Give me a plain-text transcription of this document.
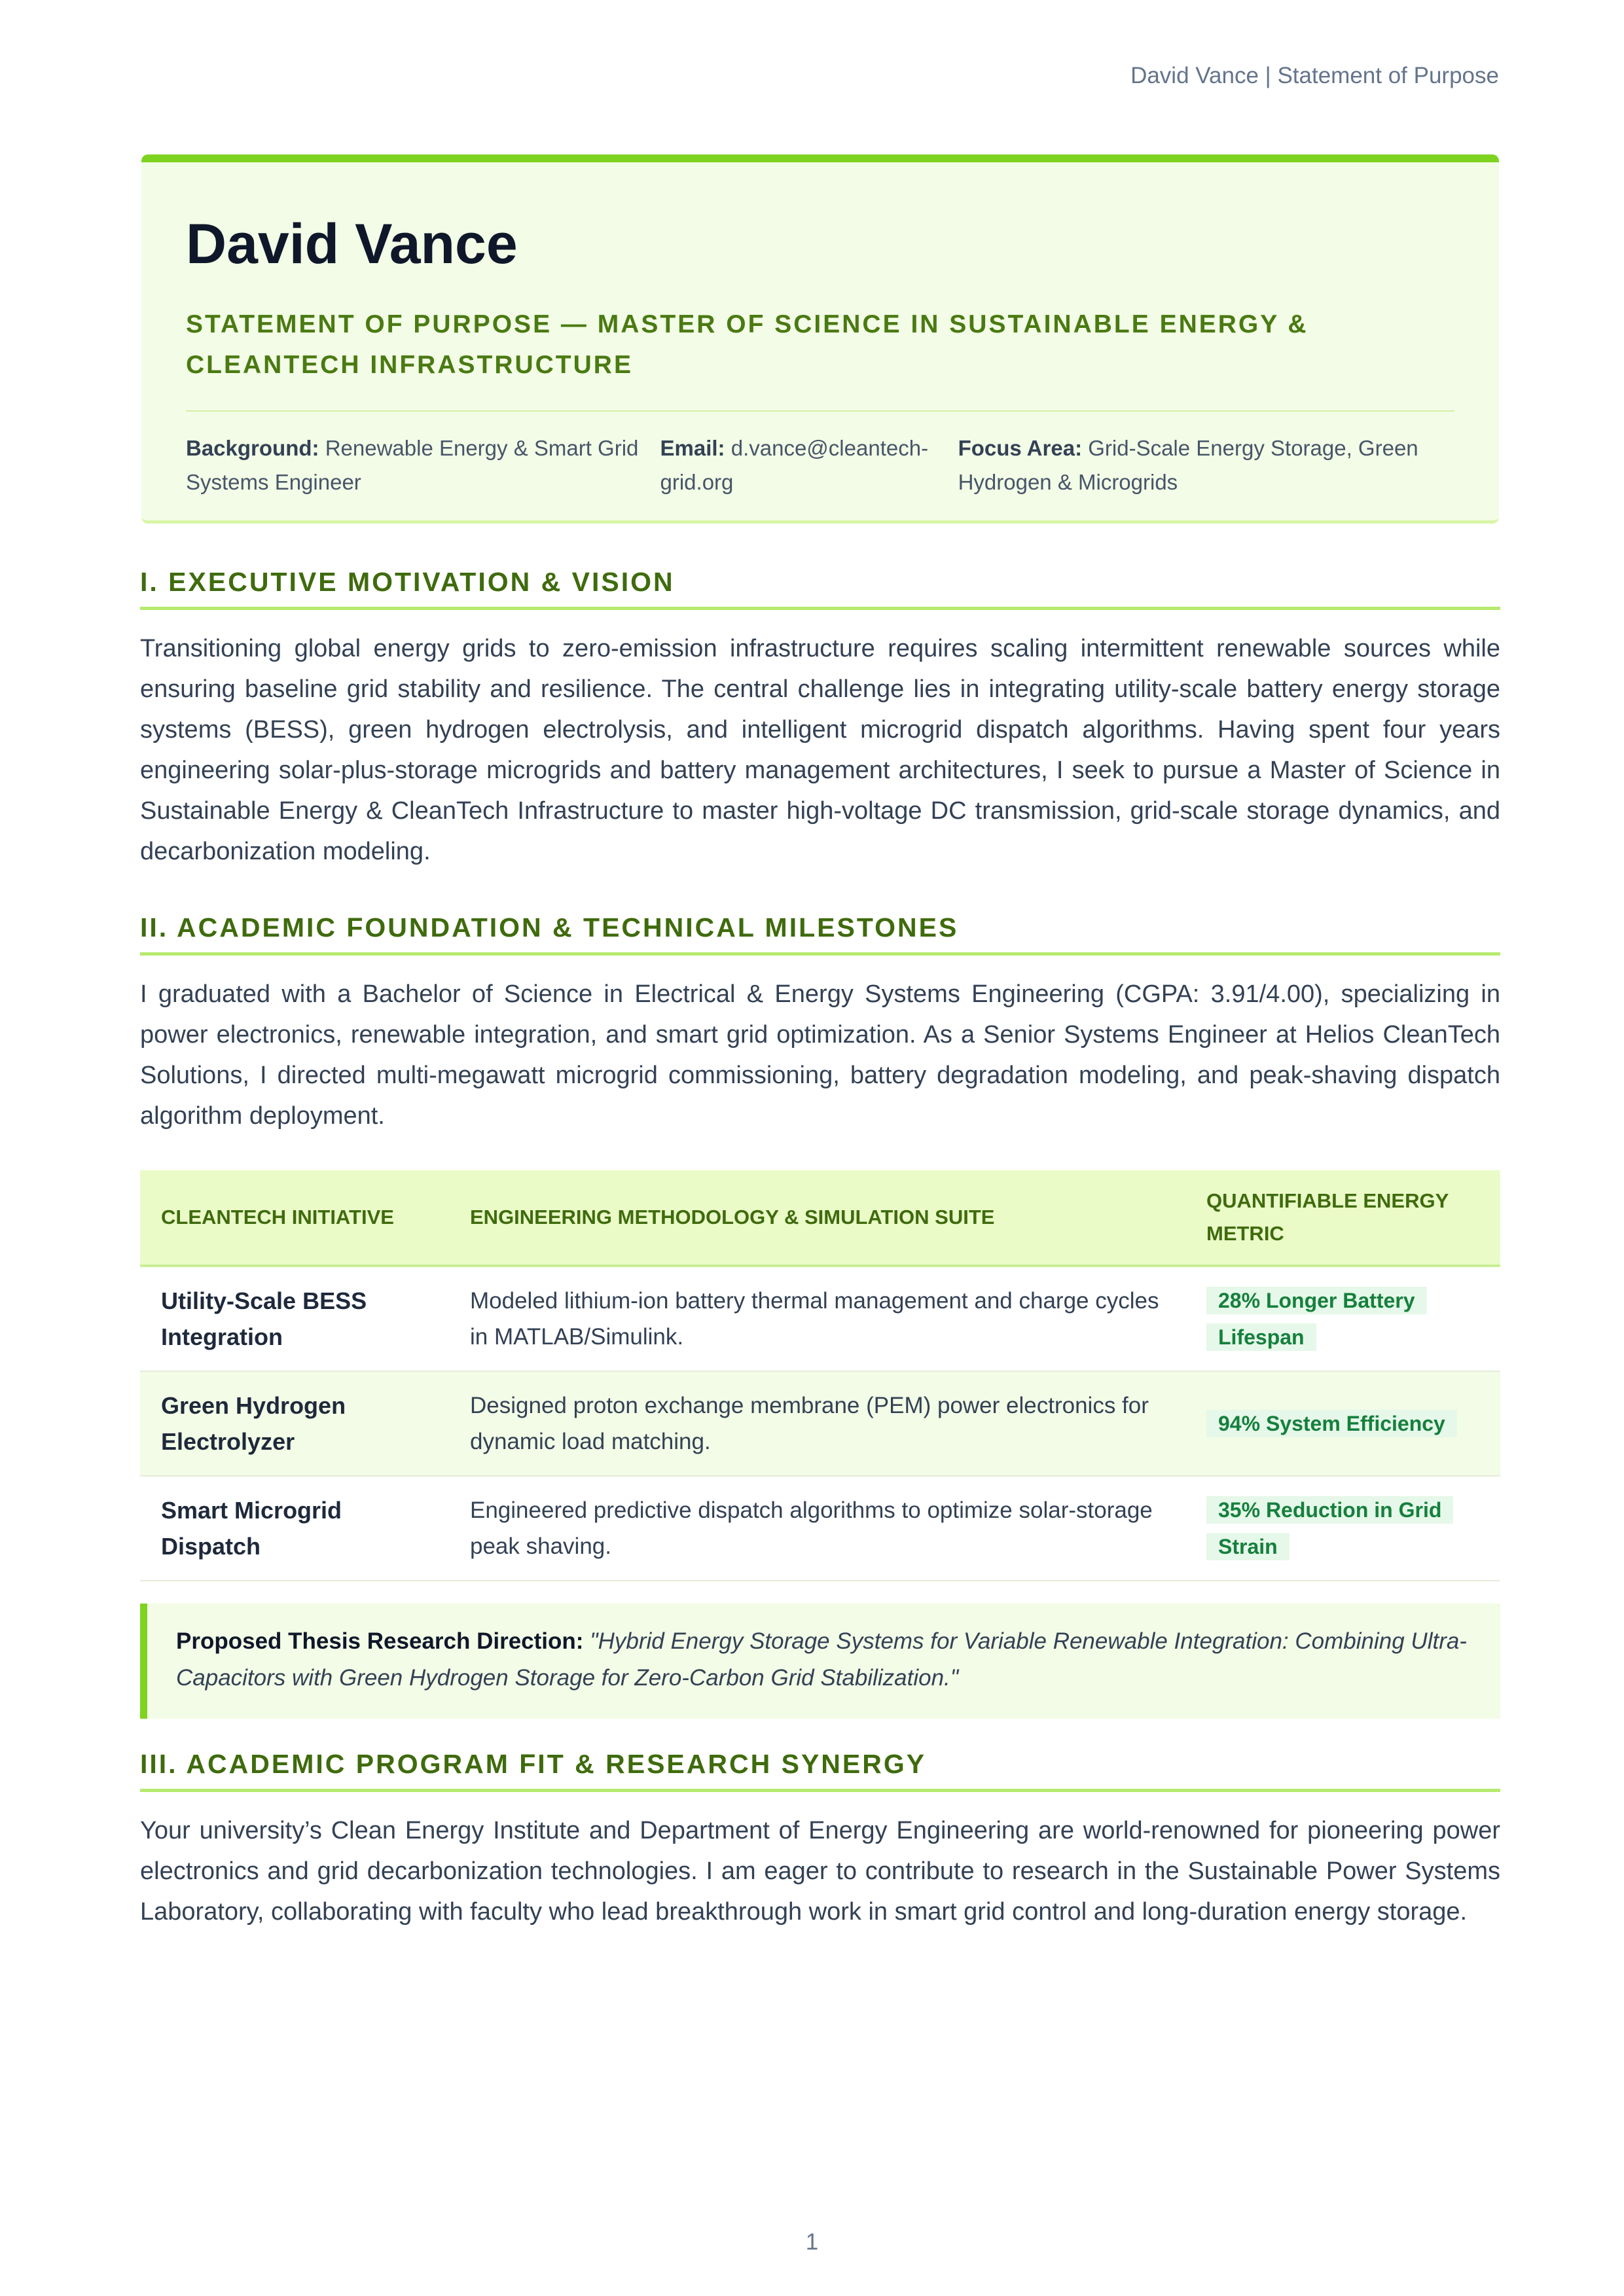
David Vance | Statement of Purpose
David Vance
STATEMENT OF PURPOSE — MASTER OF SCIENCE IN SUSTAINABLE ENERGY & CLEANTECH INFRASTRUCTURE
Background: Renewable Energy & Smart Grid Systems Engineer
Email: d.vance@cleantech-grid.org
Focus Area: Grid-Scale Energy Storage, Green Hydrogen & Microgrids
I. EXECUTIVE MOTIVATION & VISION

Transitioning global energy grids to zero-emission infrastructure requires scaling intermittent renewable sources while ensuring baseline grid stability and resilience. The central challenge lies in integrating utility-scale battery energy storage systems (BESS), green hydrogen electrolysis, and intelligent microgrid dispatch algorithms. Having spent four years engineering solar-plus-storage microgrids and battery management architectures, I seek to pursue a Master of Science in Sustainable Energy & CleanTech Infrastructure to master high-voltage DC transmission, grid-scale storage dynamics, and decarbonization modeling.

II. ACADEMIC FOUNDATION & TECHNICAL MILESTONES

I graduated with a Bachelor of Science in Electrical & Energy Systems Engineering (CGPA: 3.91/4.00), specializing in power electronics, renewable integration, and smart grid optimization. As a Senior Systems Engineer at Helios CleanTech Solutions, I directed multi-megawatt microgrid commissioning, battery degradation modeling, and peak-shaving dispatch algorithm deployment.

CLEANTECH INITIATIVE	ENGINEERING METHODOLOGY & SIMULATION SUITE	QUANTIFIABLE ENERGY METRIC
Utility-Scale BESS Integration	Modeled lithium-ion battery thermal management and charge cycles in MATLAB/Simulink.	28% Longer Battery Lifespan
Green Hydrogen Electrolyzer	Designed proton exchange membrane (PEM) power electronics for dynamic load matching.	94% System Efficiency
Smart Microgrid Dispatch	Engineered predictive dispatch algorithms to optimize solar-storage peak shaving.	35% Reduction in Grid Strain
Proposed Thesis Research Direction: "Hybrid Energy Storage Systems for Variable Renewable Integration: Combining Ultra-Capacitors with Green Hydrogen Storage for Zero-Carbon Grid Stabilization."
III. ACADEMIC PROGRAM FIT & RESEARCH SYNERGY

Your university’s Clean Energy Institute and Department of Energy Engineering are world-renowned for pioneering power electronics and grid decarbonization technologies. I am eager to contribute to research in the Sustainable Power Systems Laboratory, collaborating with faculty who lead breakthrough work in smart grid control and long-duration energy storage.

1
